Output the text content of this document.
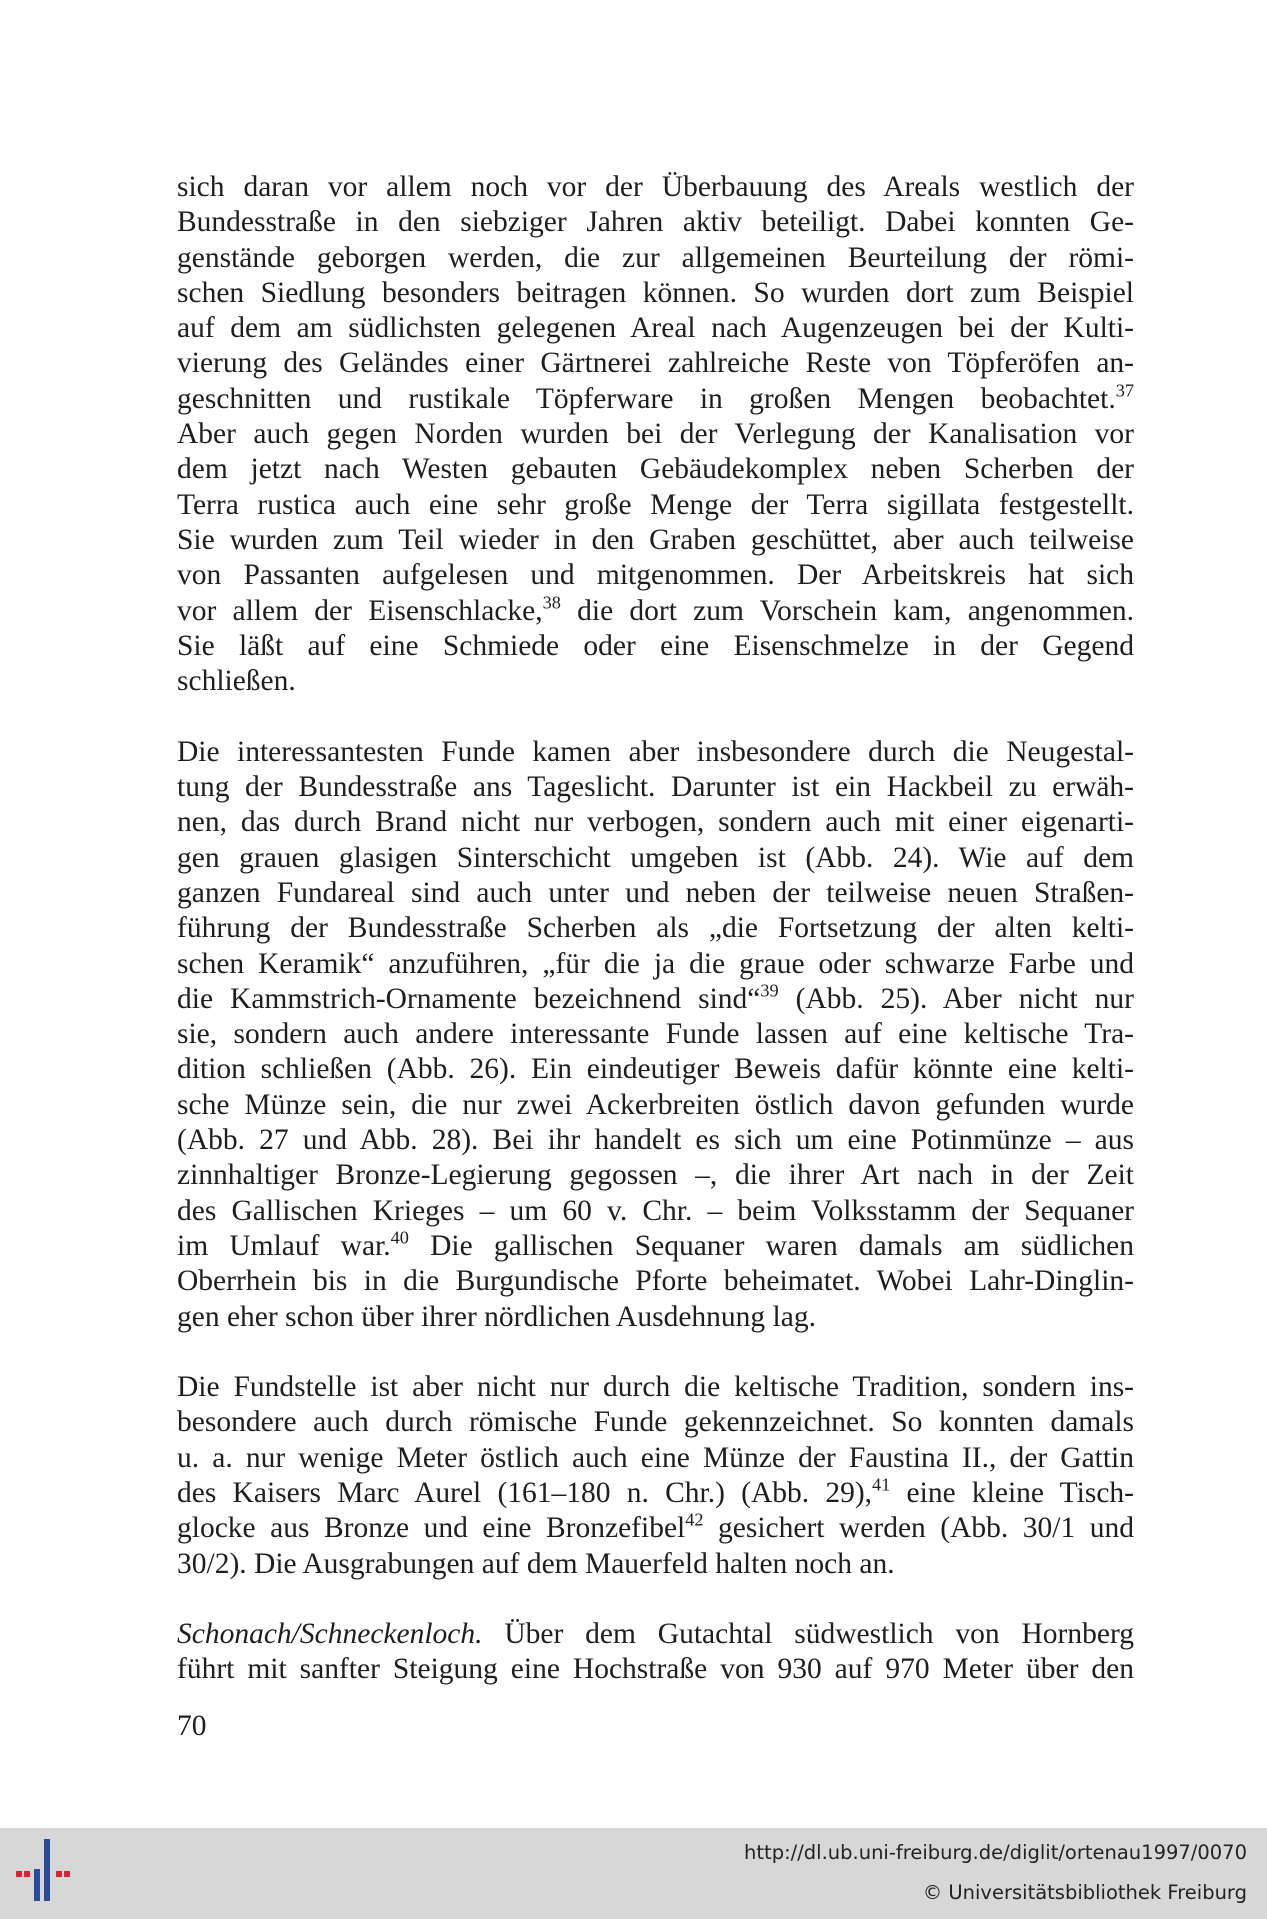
sich daran vor allem noch vor der Überbauung des Areals westlich der
Bundesstraße in den siebziger Jahren aktiv beteiligt. Dabei konnten Ge-
genstände geborgen werden, die zur allgemeinen Beurteilung der römi-
schen Siedlung besonders beitragen können. So wurden dort zum Beispiel
auf dem am südlichsten gelegenen Areal nach Augenzeugen bei der Kulti-
vierung des Geländes einer Gärtnerei zahlreiche Reste von Töpferöfen an-
geschnitten und rustikale Töpferware in großen Mengen beobachtet.$^{37}$
Aber auch gegen Norden wurden bei der Verlegung der Kanalisation vor
dem jetzt nach Westen gebauten Gebäudekomplex neben Scherben der
Terra rustica auch eine sehr große Menge der Terra sigillata festgestellt.
Sie wurden zum Teil wieder in den Graben geschüttet, aber auch teilweise
von Passanten aufgelesen und mitgenommen. Der Arbeitskreis hat sich
vor allem der Eisenschlacke,$^{38}$ die dort zum Vorschein kam, angenommen.
Sie läßt auf eine Schmiede oder eine Eisenschmelze in der Gegend
schließen.
Die interessantesten Funde kamen aber insbesondere durch die Neugestal-
tung der Bundesstraße ans Tageslicht. Darunter ist ein Hackbeil zu erwäh-
nen, das durch Brand nicht nur verbogen, sondern auch mit einer eigenarti-
gen grauen glasigen Sinterschicht umgeben ist (Abb. 24). Wie auf dem
ganzen Fundareal sind auch unter und neben der teilweise neuen Straßen-
führung der Bundesstraße Scherben als „die Fortsetzung der alten kelti-
schen Keramik“ anzuführen, „für die ja die graue oder schwarze Farbe und
die Kammstrich-Ornamente bezeichnend sind“$^{39}$ (Abb. 25). Aber nicht nur
sie, sondern auch andere interessante Funde lassen auf eine keltische Tra-
dition schließen (Abb. 26). Ein eindeutiger Beweis dafür könnte eine kelti-
sche Münze sein, die nur zwei Ackerbreiten östlich davon gefunden wurde
(Abb. 27 und Abb. 28). Bei ihr handelt es sich um eine Potinmünze – aus
zinnhaltiger Bronze-Legierung gegossen –, die ihrer Art nach in der Zeit
des Gallischen Krieges – um 60 v. Chr. – beim Volksstamm der Sequaner
im Umlauf war.$^{40}$ Die gallischen Sequaner waren damals am südlichen
Oberrhein bis in die Burgundische Pforte beheimatet. Wobei Lahr-Dinglin-
gen eher schon über ihrer nördlichen Ausdehnung lag.
Die Fundstelle ist aber nicht nur durch die keltische Tradition, sondern ins-
besondere auch durch römische Funde gekennzeichnet. So konnten damals
u. a. nur wenige Meter östlich auch eine Münze der Faustina II., der Gattin
des Kaisers Marc Aurel (161–180 n. Chr.) (Abb. 29),$^{41}$ eine kleine Tisch-
glocke aus Bronze und eine Bronzefibel$^{42}$ gesichert werden (Abb. 30/1 und
30/2). Die Ausgrabungen auf dem Mauerfeld halten noch an.
Schonach/Schneckenloch. Über dem Gutachtal südwestlich von Hornberg
führt mit sanfter Steigung eine Hochstraße von 930 auf 970 Meter über den
70
http://dl.ub.uni-freiburg.de/diglit/ortenau1997/0070
© Universitätsbibliothek Freiburg
